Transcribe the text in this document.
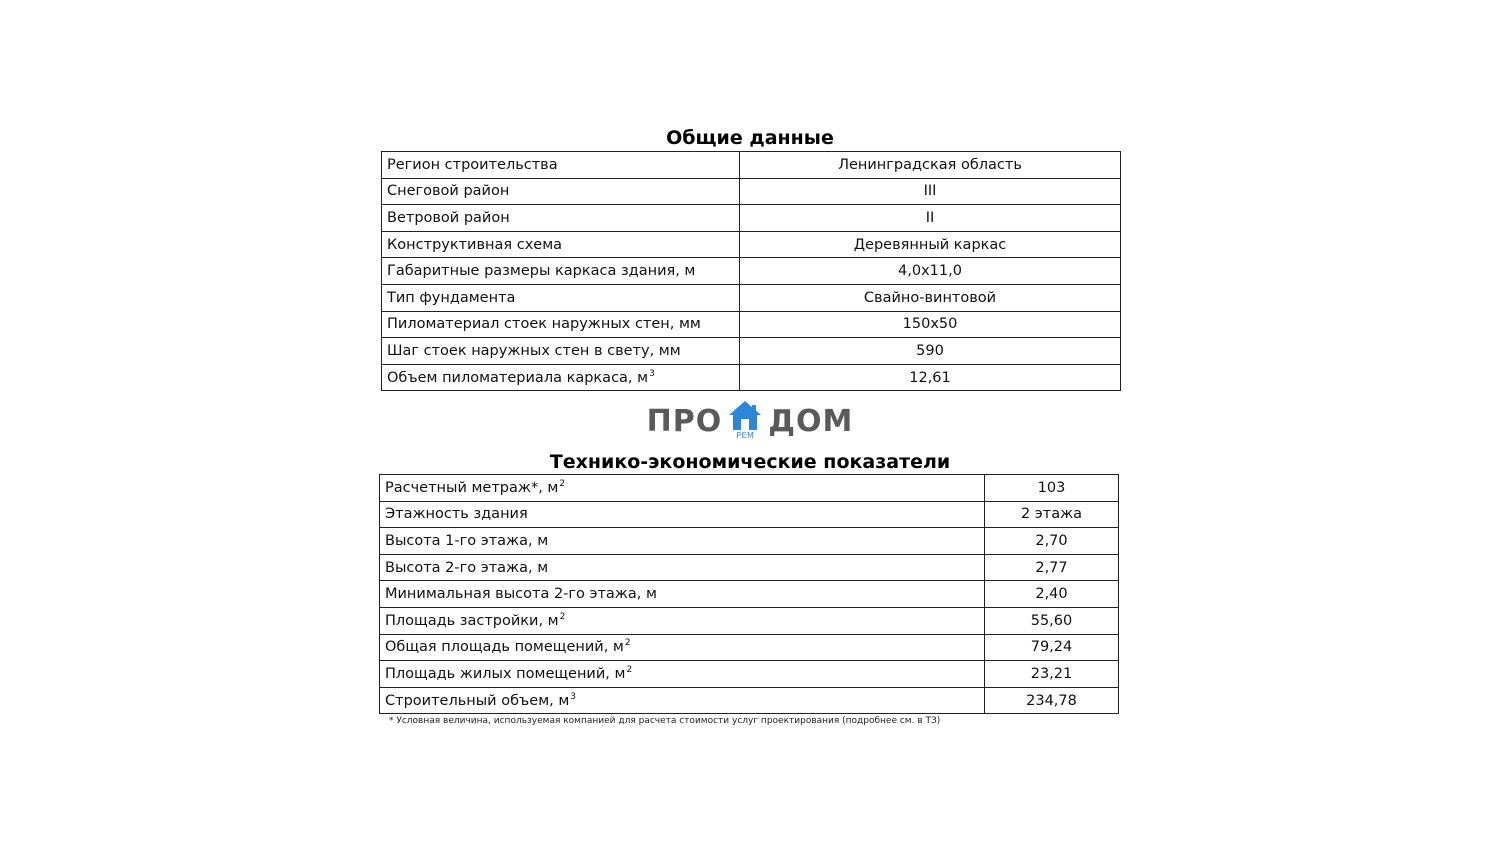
Общие данные
Регион строительства	Ленинградская область
Снеговой район	III
Ветровой район	II
Конструктивная схема	Деревянный каркас
Габаритные размеры каркаса здания, м	4,0х11,0
Тип фундамента	Свайно-винтовой
Пиломатериал стоек наружных стен, мм	150х50
Шаг стоек наружных стен в свету, мм	590
Объем пиломатериала каркаса, $м^3$	12,61
ПРО	РЕМ ДОМ
Технико-экономические показатели
Расчетный метраж*, $м^2$	103
Этажность здания	2 этажа
Высота 1-го этажа, м	2,70
Высота 2-го этажа, м	2,77
Минимальная высота 2-го этажа, м	2,40
Площадь застройки, $м^2$	55,60
Общая площадь помещений, $м^2$	79,24
Площадь жилых помещений, $м^2$	23,21
Строительный объем, $м^3$	234,78
* Условная величина, используемая компанией для расчета стоимости услуг проектирования (подробнее см. в ТЗ)
